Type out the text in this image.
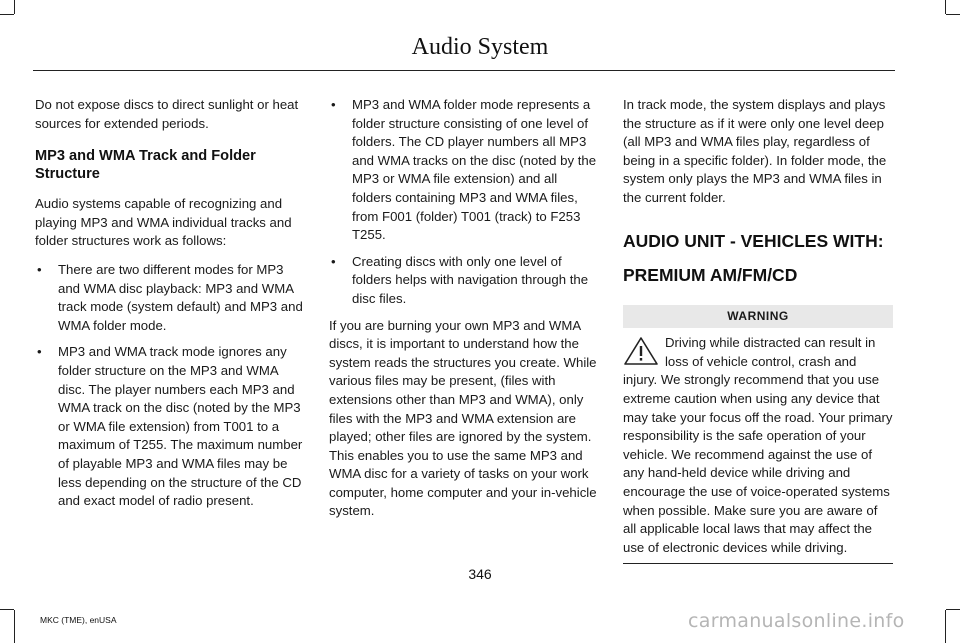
Audio System

Do not expose discs to direct sunlight or heat sources for extended periods.

MP3 and WMA Track and Folder Structure

Audio systems capable of recognizing and playing MP3 and WMA individual tracks and folder structures work as follows:

• There are two different modes for MP3 and WMA disc playback: MP3 and WMA track mode (system default) and MP3 and WMA folder mode.
• MP3 and WMA track mode ignores any folder structure on the MP3 and WMA disc. The player numbers each MP3 and WMA track on the disc (noted by the MP3 or WMA file extension) from T001 to a maximum of T255. The maximum number of playable MP3 and WMA files may be less depending on the structure of the CD and exact model of radio present.
• MP3 and WMA folder mode represents a folder structure consisting of one level of folders. The CD player numbers all MP3 and WMA tracks on the disc (noted by the MP3 or WMA file extension) and all folders containing MP3 and WMA files, from F001 (folder) T001 (track) to F253 T255.
• Creating discs with only one level of folders helps with navigation through the disc files.

If you are burning your own MP3 and WMA discs, it is important to understand how the system reads the structures you create. While various files may be present, (files with extensions other than MP3 and WMA), only files with the MP3 and WMA extension are played; other files are ignored by the system. This enables you to use the same MP3 and WMA disc for a variety of tasks on your work computer, home computer and your in-vehicle system.

In track mode, the system displays and plays the structure as if it were only one level deep (all MP3 and WMA files play, regardless of being in a specific folder). In folder mode, the system only plays the MP3 and WMA files in the current folder.

AUDIO UNIT - VEHICLES WITH:
PREMIUM AM/FM/CD
WARNING
Driving while distracted can result in loss of vehicle control, crash and injury. We strongly recommend that you use extreme caution when using any device that may take your focus off the road. Your primary responsibility is the safe operation of your vehicle. We recommend against the use of any hand-held device while driving and encourage the use of voice-operated systems when possible. Make sure you are aware of all applicable local laws that may affect the use of electronic devices while driving.
346
MKC (TME), enUSA	carmanualsonline.info
